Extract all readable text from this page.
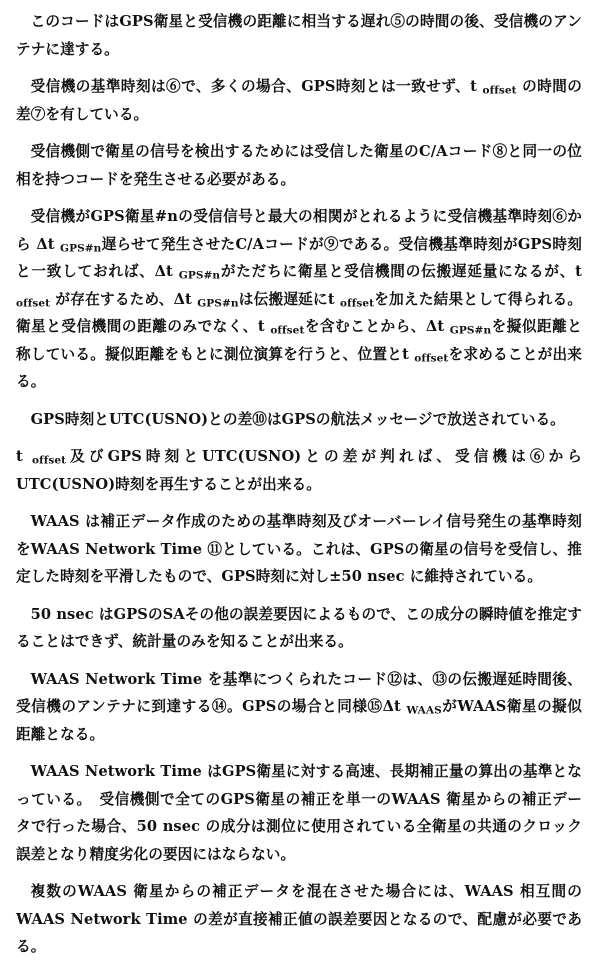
このコードはGPS衛星と受信機の距離に相当する遅れ⑤の時間の後、受信機のアンテナに達する。

受信機の基準時刻は⑥で、多くの場合、GPS時刻とは一致せず、t $_{offset}$ の時間の差⑦を有している。

受信機側で衛星の信号を検出するためには受信した衛星のC/Aコード⑧と同一の位相を持つコードを発生させる必要がある。

受信機がGPS衛星#nの受信信号と最大の相関がとれるように受信機基準時刻⑥から Δt $_{GPS\#n}$遅らせて発生させたC/Aコードが⑨である。受信機基準時刻がGPS時刻と一致しておれば、Δt $_{GPS\#n}$がただちに衛星と受信機間の伝搬遅延量になるが、t $_{offset}$ が存在するため、Δt $_{GPS\#n}$は伝搬遅延にt $_{offset}$を加えた結果として得られる。衛星と受信機間の距離のみでなく、t $_{offset}$を含むことから、Δt $_{GPS\#n}$を擬似距離と称している。擬似距離をもとに測位演算を行うと、位置とt $_{offset}$を求めることが出来る。

GPS時刻とUTC(USNO)との差⑩はGPSの航法メッセージで放送されている。

t $_{offset}$及びGPS時刻とUTC(USNO)との差が判れば、受信機は⑥からUTC(USNO)時刻を再生することが出来る。

WAAS は補正データ作成のための基準時刻及びオーバーレイ信号発生の基準時刻をWAAS Network Time ⑪としている。これは、GPSの衛星の信号を受信し、推定した時刻を平滑したもので、GPS時刻に対し±50 nsec に維持されている。

50 nsec はGPSのSAその他の誤差要因によるもので、この成分の瞬時値を推定することはできず、統計量のみを知ることが出来る。

WAAS Network Time を基準につくられたコード⑫は、⑬の伝搬遅延時間後、受信機のアンテナに到達する⑭。GPSの場合と同様⑮Δt $_{WAAS}$がWAAS衛星の擬似距離となる。

WAAS Network Time はGPS衛星に対する高速、長期補正量の算出の基準となっている。　受信機側で全てのGPS衛星の補正を単一のWAAS 衛星からの補正データで行った場合、50 nsec の成分は測位に使用されている全衛星の共通のクロック誤差となり精度劣化の要因にはならない。

複数のWAAS 衛星からの補正データを混在させた場合には、WAAS 相互間のWAAS Network Time の差が直接補正値の誤差要因となるので、配慮が必要である。
